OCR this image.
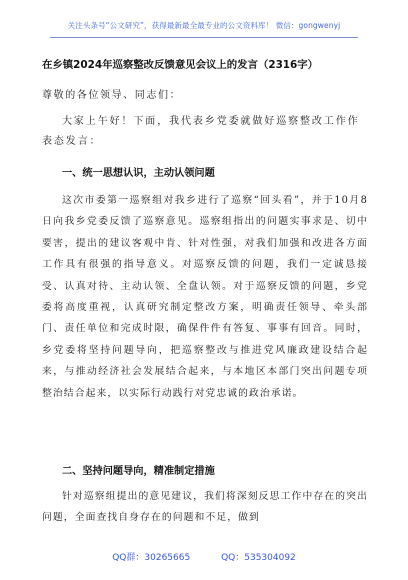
关注头条号“公文研究”，获得最新最全最专业的公文资料库！ 微信：gongwenyj
在乡镇2024年巡察整改反馈意见会议上的发言（2316字）
尊敬的各位领导、同志们：
大家上午好！下面，我代表乡党委就做好巡察整改工作作表态发言：
一、统一思想认识，主动认领问题
这次市委第一巡察组对我乡进行了巡察“回头看”，并于10月8日向我乡党委反馈了巡察意见。巡察组指出的问题实事求是、切中要害，提出的建议客观中肯、针对性强，对我们加强和改进各方面工作具有很强的指导意义。对巡察反馈的问题，我们一定诚恳接受、认真对待、主动认领、全盘认领。对于巡察反馈的问题，乡党委将高度重视，认真研究制定整改方案，明确责任领导、牵头部门、责任单位和完成时限，确保件件有答复、事事有回音。同时，乡党委将坚持问题导向，把巡察整改与推进党风廉政建设结合起来，与推动经济社会发展结合起来，与本地区本部门突出问题专项整治结合起来，以实际行动践行对党忠诚的政治承诺。
二、坚持问题导向，精准制定措施
针对巡察组提出的意见建议，我们将深刻反思工作中存在的突出问题，全面查找自身存在的问题和不足，做到
QQ群：30265665	QQ：535304092
